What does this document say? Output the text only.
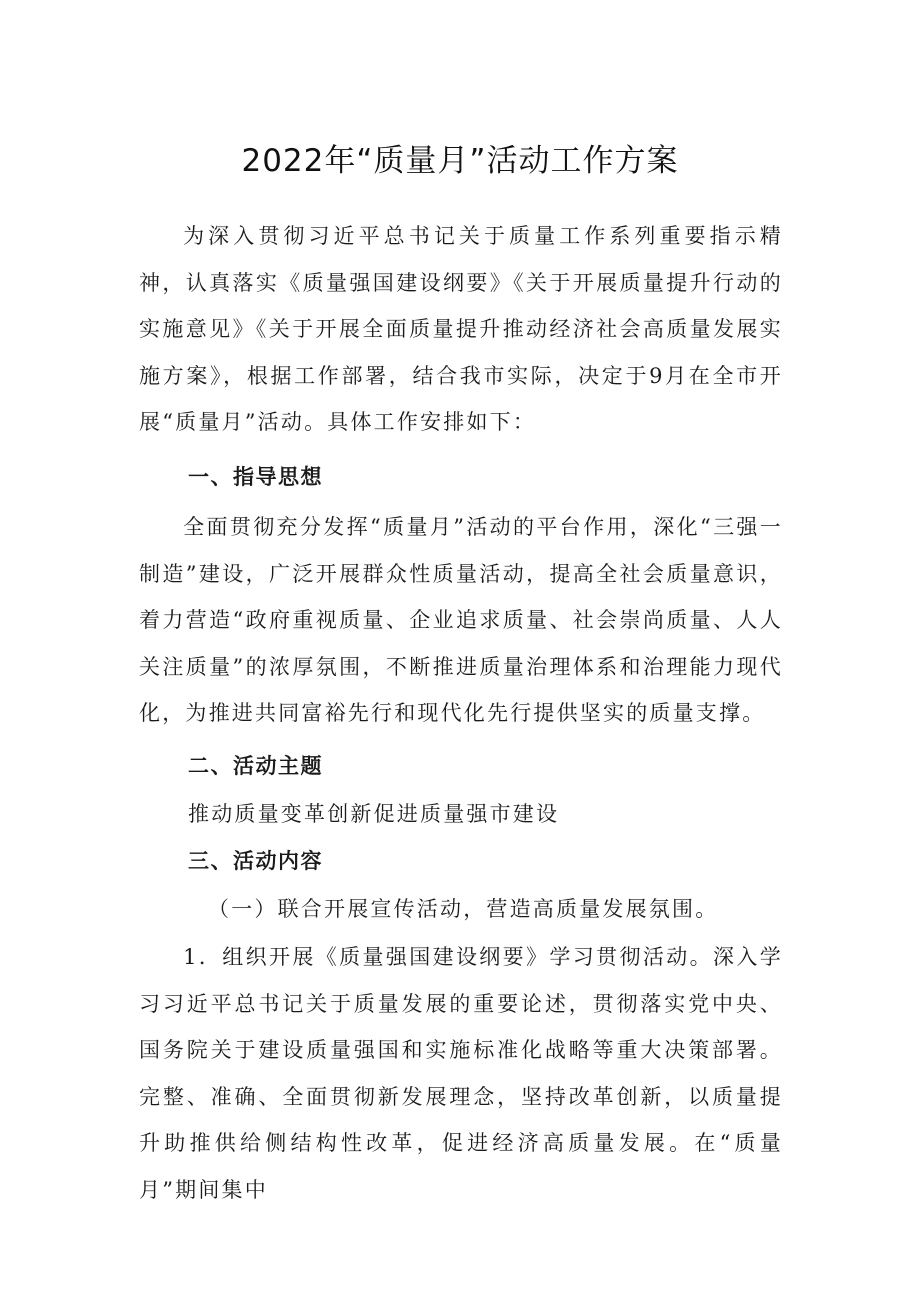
2022年“质量月”活动工作方案

为深入贯彻习近平总书记关于质量工作系列重要指示精神，认真落实《质量强国建设纲要》《关于开展质量提升行动的实施意见》《关于开展全面质量提升推动经济社会高质量发展实施方案》，根据工作部署，结合我市实际，决定于9月在全市开展“质量月”活动。具体工作安排如下：

一、指导思想

全面贯彻充分发挥“质量月”活动的平台作用，深化“三强一制造”建设，广泛开展群众性质量活动，提高全社会质量意识，着力营造“政府重视质量、企业追求质量、社会崇尚质量、人人关注质量”的浓厚氛围，不断推进质量治理体系和治理能力现代化，为推进共同富裕先行和现代化先行提供坚实的质量支撑。

二、活动主题

推动质量变革创新促进质量强市建设

三、活动内容

（一）联合开展宣传活动，营造高质量发展氛围。

1．组织开展《质量强国建设纲要》学习贯彻活动。深入学习习近平总书记关于质量发展的重要论述，贯彻落实党中央、国务院关于建设质量强国和实施标准化战略等重大决策部署。完整、准确、全面贯彻新发展理念，坚持改革创新，以质量提升助推供给侧结构性改革，促进经济高质量发展。在“质量月”期间集中
